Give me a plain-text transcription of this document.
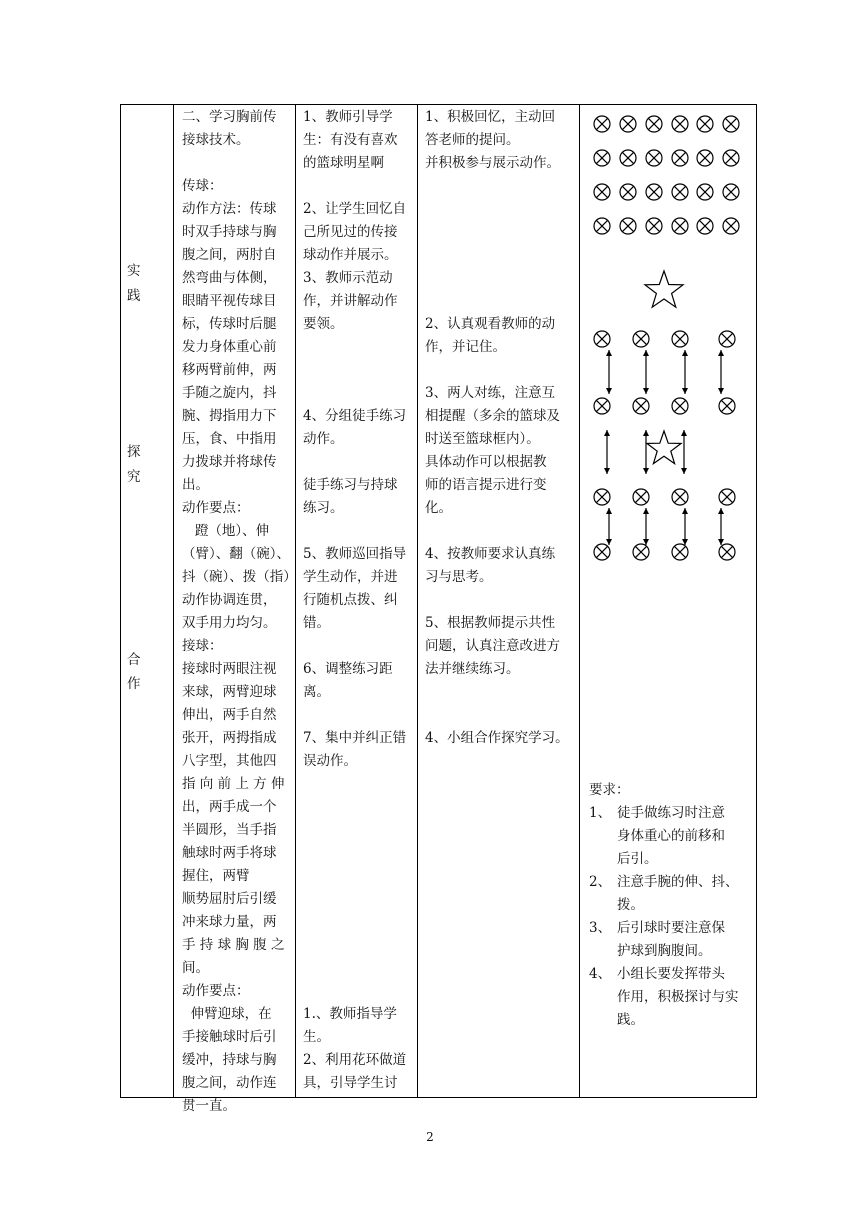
实
践
探
究
合
作
二、学习胸前传
接球技术。
传球：
动作方法：传球
时双手持球与胸
腹之间，两肘自
然弯曲与体侧，
眼睛平视传球目
标，传球时后腿
发力身体重心前
移两臂前伸，两
手随之旋内，抖
腕、拇指用力下
压，食、中指用
力拨球并将球传
出。
动作要点：
蹬（地）、伸
（臂）、翻（碗）、
抖（碗）、拨（指）
动作协调连贯，
双手用力均匀。
接球：
接球时两眼注视
来球，两臂迎球
伸出，两手自然
张开，两拇指成
八字型，其他四
指 向 前 上 方 伸
出，两手成一个
半圆形，当手指
触球时两手将球
握住，两臂
顺势屈肘后引缓
冲来球力量，两
手 持 球 胸 腹 之
间。
动作要点：
伸臂迎球，在
手接触球时后引
缓冲，持球与胸
腹之间，动作连
贯一直。
1、教师引导学
生：有没有喜欢
的篮球明星啊
2、让学生回忆自
己所见过的传接
球动作并展示。
3、教师示范动
作，并讲解动作
要领。
4、分组徒手练习
动作。
徒手练习与持球
练习。
5、教师巡回指导
学生动作，并进
行随机点拨、纠
错。
6、调整练习距
离。
7、集中并纠正错
误动作。
1.、教师指导学
生。
2、利用花环做道
具，引导学生讨
1、积极回忆，主动回
答老师的提问。
并积极参与展示动作。
2、认真观看教师的动
作，并记住。
3、两人对练，注意互
相提醒（多余的篮球及
时送至篮球框内）。
具体动作可以根据教
师的语言提示进行变
化。
4、按教师要求认真练
习与思考。
5、根据教师提示共性
问题，认真注意改进方
法并继续练习。
4、小组合作探究学习。
要求：
1、 徒手做练习时注意
身体重心的前移和
后引。
2、 注意手腕的伸、抖、
拨。
3、 后引球时要注意保
护球到胸腹间。
4、 小组长要发挥带头
作用，积极探讨与实
践。
2
